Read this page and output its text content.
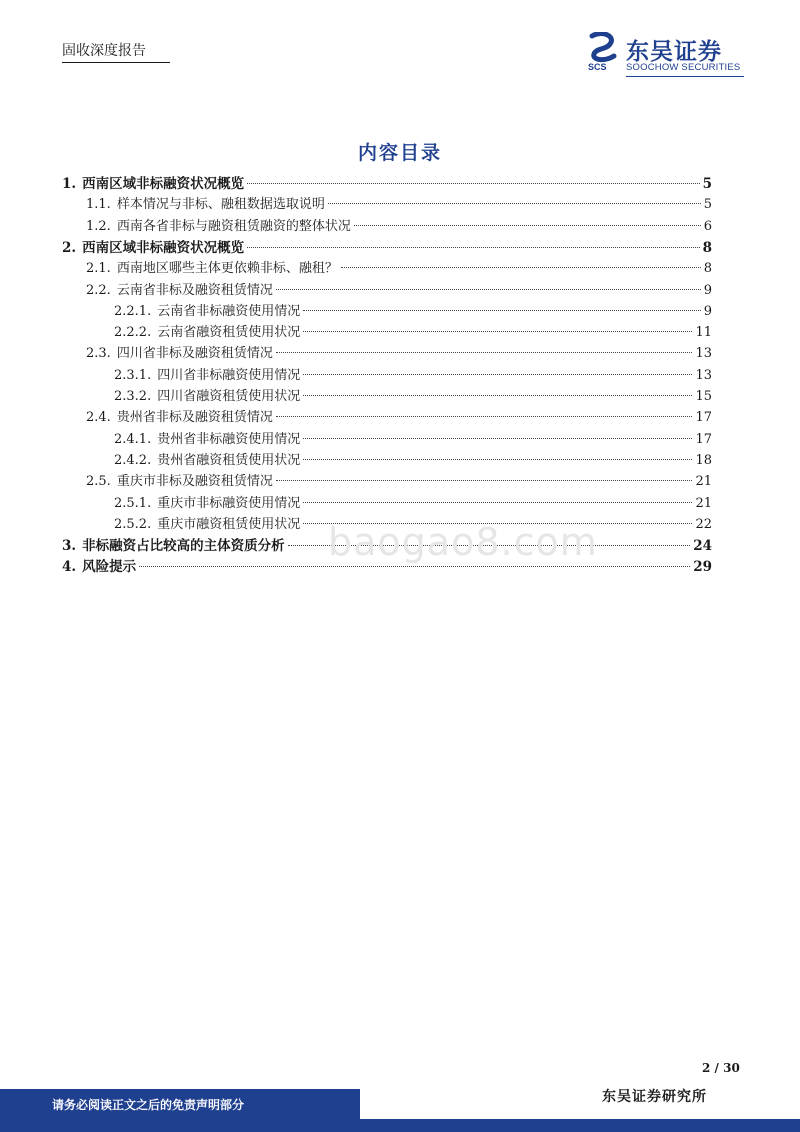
固收深度报告
SCS
东吴证券
SOOCHOW SECURITIES
内容目录
1. 西南区域非标融资状况概览	5
1.1. 样本情况与非标、融租数据选取说明	5
1.2. 西南各省非标与融资租赁融资的整体状况	6
2. 西南区域非标融资状况概览	8
2.1. 西南地区哪些主体更依赖非标、融租？	8
2.2. 云南省非标及融资租赁情况	9
2.2.1. 云南省非标融资使用情况	9
2.2.2. 云南省融资租赁使用状况	11
2.3. 四川省非标及融资租赁情况	13
2.3.1. 四川省非标融资使用情况	13
2.3.2. 四川省融资租赁使用状况	15
2.4. 贵州省非标及融资租赁情况	17
2.4.1. 贵州省非标融资使用情况	17
2.4.2. 贵州省融资租赁使用状况	18
2.5. 重庆市非标及融资租赁情况	21
2.5.1. 重庆市非标融资使用情况	21
2.5.2. 重庆市融资租赁使用状况	22
3. 非标融资占比较高的主体资质分析	24
4. 风险提示	29
baogao8.com
2 / 30
请务必阅读正文之后的免责声明部分	东吴证券研究所
